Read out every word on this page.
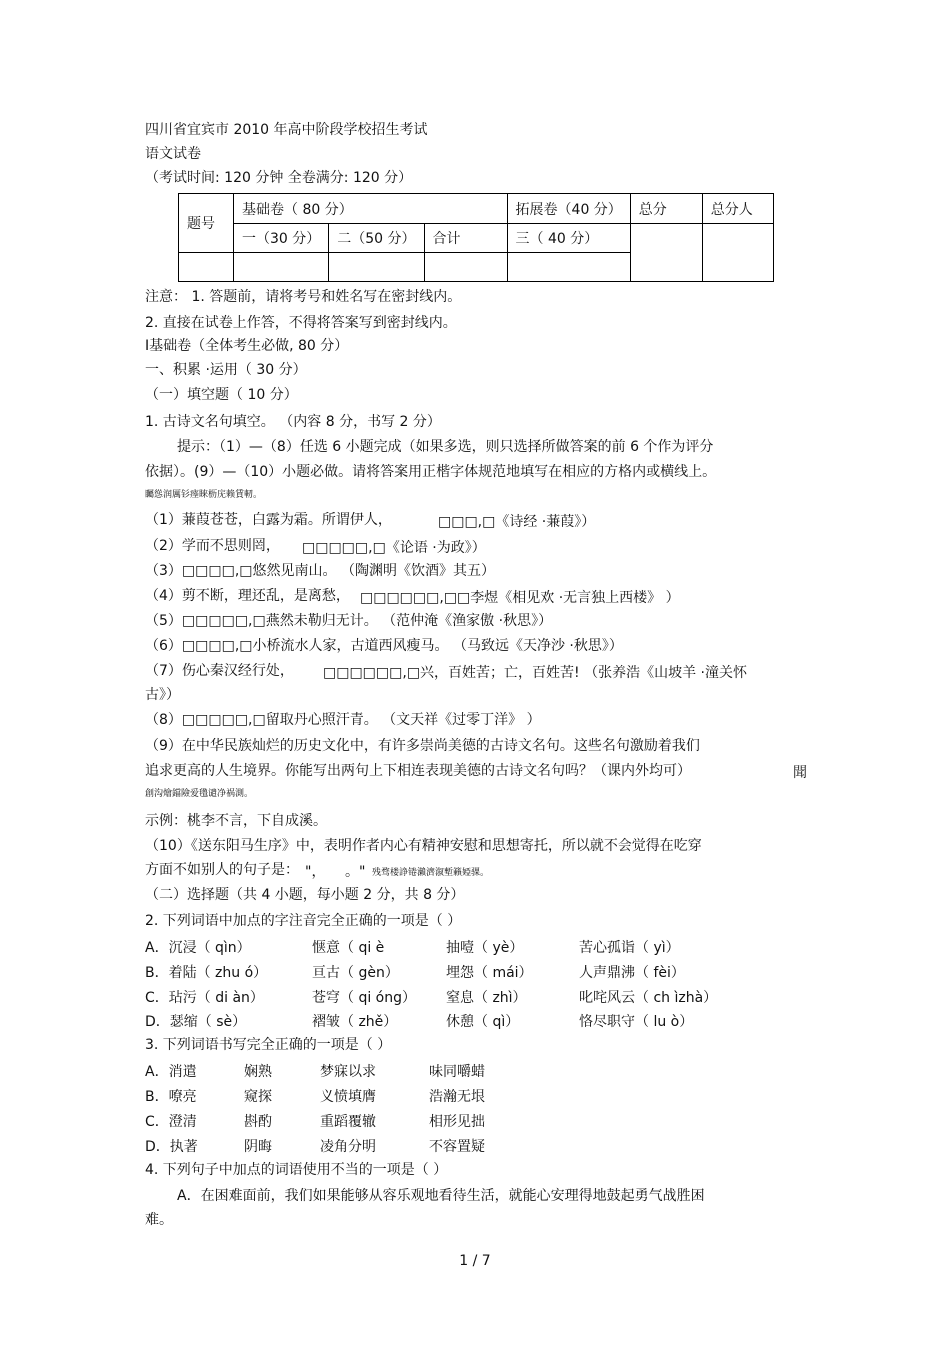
四川省宜宾市 2010 年高中阶段学校招生考试
语文试卷
（考试时间: 120 分钟 全卷满分: 120 分）
题号	基础卷（ 80 分）			拓展卷（40 分）	总分	总分人
	一（30 分）	二（50 分）	合计	三（ 40 分）		

注意： 1. 答题前，请将考号和姓名写在密封线内。
2. 直接在试卷上作答，不得将答案写到密封线内。
Ⅰ基础卷（全体考生必做, 80 分）
一、积累 ·运用（ 30 分）
（一）填空题（ 10 分）
1. 古诗文名句填空。 （内容 8 分，书写 2 分）
提示：（1）—（8）任选 6 小题完成（如果多选，则只选择所做答案的前 6 个作为评分
依据）。(9）—（10）小题必做。请将答案用正楷字体规范地填写在相应的方格内或横线上。
矚慫润厲钐瘗睞枥庑赖賃軔。
（1）蒹葭苍苍，白露为霜。所谓伊人，	□□□,□《诗经 ·蒹葭》）
（2）学而不思则罔， □□□□□,□《论语 ·为政》）
（3）□□□□,□悠然见南山。 （陶渊明《饮酒》其五）
（4）剪不断，理还乱，是离愁， □□□□□□,□□李煜《相见欢 ·无言独上西楼》 ）
（5）□□□□□,□燕然未勒归无计。 （范仲淹《渔家傲 ·秋思》）
（6）□□□□,□小桥流水人家，古道西风瘦马。 （马致远《天净沙 ·秋思》）
（7）伤心秦汉经行处， □□□□□□,□兴，百姓苦；亡，百姓苦! （张养浩《山坡羊 ·潼关怀
古》）
（8）□□□□□,□留取丹心照汗青。 （文天祥《过零丁洋》 ）
（9）在中华民族灿烂的历史文化中，有许多崇尚美德的古诗文名句。这些名句激励着我们
追求更高的人生境界。你能写出两句上下相连表现美德的古诗文名句吗？（课内外均可）	聞
創沟燴鐺險爱氇谴净祸測。
示例：桃李不言，下自成溪。
（10）《送东阳马生序》中，表明作者内心有精神安慰和思想寄托，所以就不会觉得在吃穿
方面不如别人的句子是： "， 。" 残骛楼諍锩瀨濟溆塹籟婭骒。
（二）选择题（共 4 小题，每小题 2 分，共 8 分）
2. 下列词语中加点的字注音完全正确的一项是（ ）
A．沉浸（ qìn）	惬意（ qi è	抽噎（ yè）	苦心孤诣（ yì）
B．着陆（ zhu ó）	亘古（ gèn）	埋怨（ mái）	人声鼎沸（ fèi）
C．玷污（ di àn）	苍穹（ qi óng） 窒息（ zhì）	叱咤风云（ ch ìzhà）
D．瑟缩（ sè）	褶皱（ zhě）	休憩（ qì）	恪尽职守（ lu ò）
3. 下列词语书写完全正确的一项是（ ）
A．消遣	娴熟	梦寐以求	味同嚼蜡
B．嘹亮	窥探	义愤填膺	浩瀚无垠
C．澄清	斟酌	重蹈覆辙	相形见拙
D．执著	阴晦	凌角分明	不容置疑
4. 下列句子中加点的词语使用不当的一项是（ ）
A．在困难面前，我们如果能够从容乐观地看待生活，就能心安理得地鼓起勇气战胜困
难。
1 / 7
